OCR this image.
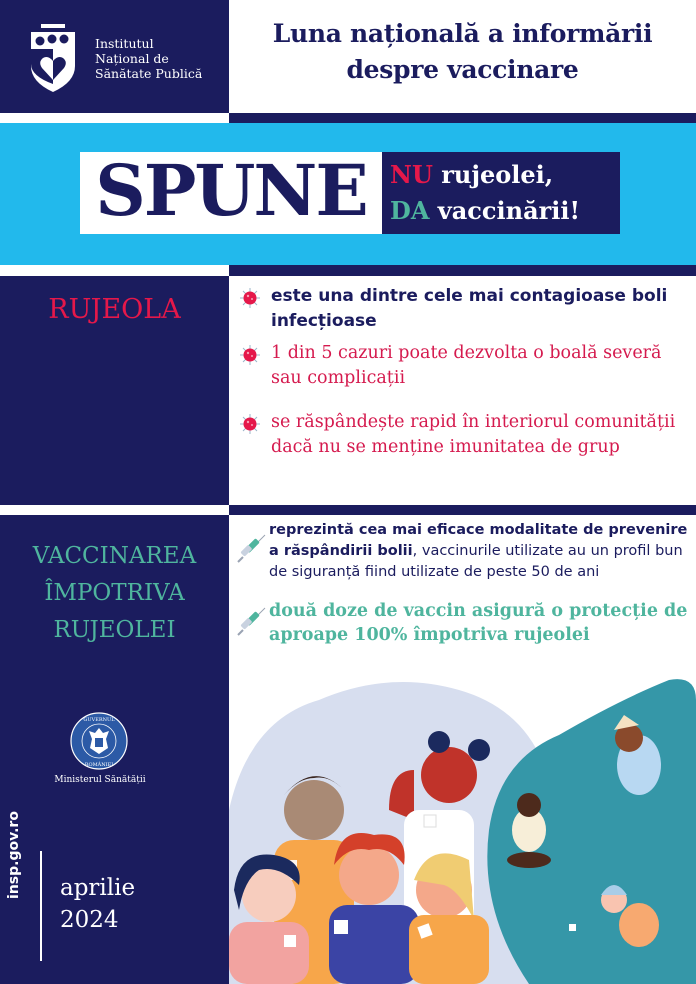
Institutul
Național de
Sănătate Publică
Luna națională a informării
despre vaccinare
SPUNE NU rujeolei,
DA vaccinării!
RUJEOLA	este una dintre cele mai contagioase boli infecțioase
1 din 5 cazuri poate dezvolta o boală severă sau complicații
se răspândește rapid în interiorul comunității dacă nu se menține imunitatea de grup
VACCINAREA
ÎMPOTRIVA
RUJEOLEI
reprezintă cea mai eficace modalitate de prevenire a răspândirii bolii, vaccinurile utilizate au un profil bun de siguranță fiind utilizate de peste 50 de ani
două doze de vaccin asigură o protecție de aproape 100% împotriva rujeolei
GUVERNUL
ROMÂNIEI
Ministerul Sănătății
insp.gov.ro aprilie
2024
